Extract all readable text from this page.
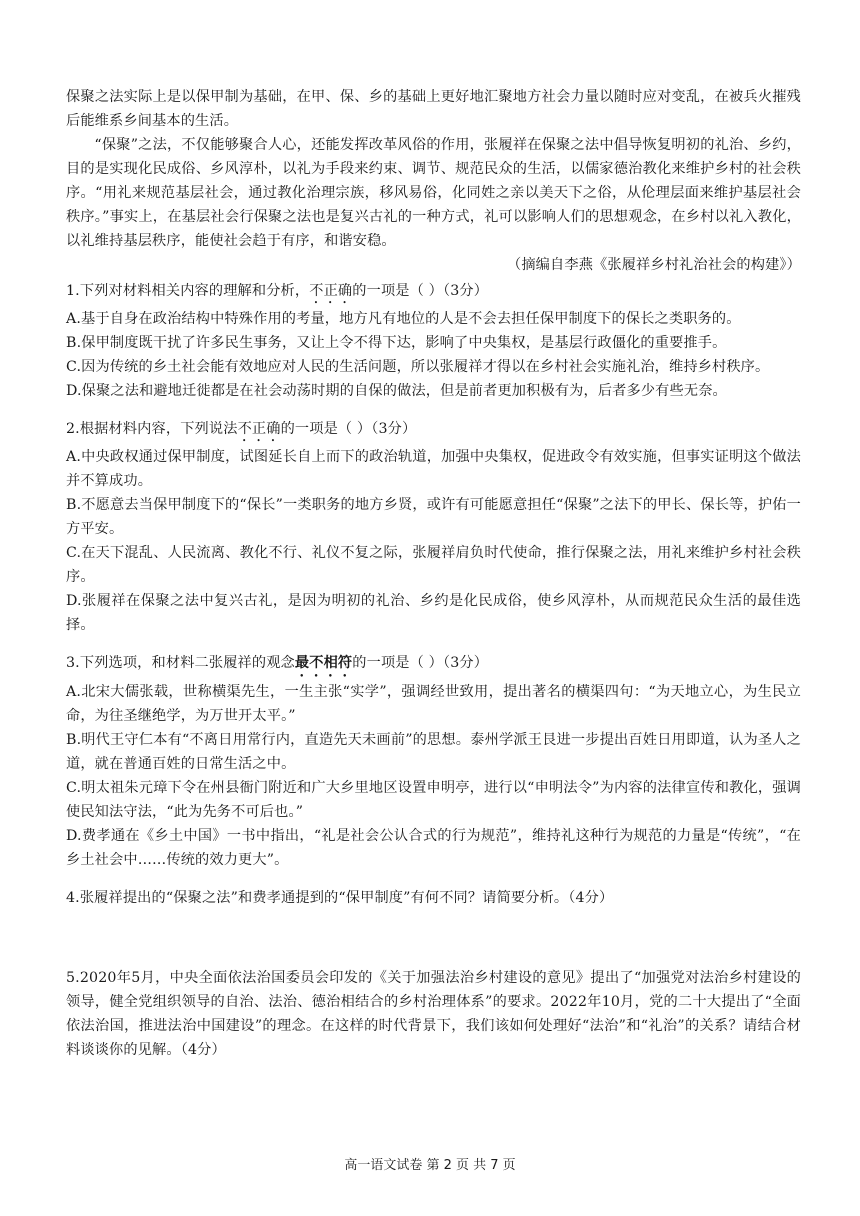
保聚之法实际上是以保甲制为基础，在甲、保、乡的基础上更好地汇聚地方社会力量以随时应对变乱，在被兵火摧残后能维系乡间基本的生活。

“保聚”之法，不仅能够聚合人心，还能发挥改革风俗的作用，张履祥在保聚之法中倡导恢复明初的礼治、乡约，目的是实现化民成俗、乡风淳朴，以礼为手段来约束、调节、规范民众的生活，以儒家德治教化来维护乡村的社会秩序。“用礼来规范基层社会，通过教化治理宗族，移风易俗，化同姓之亲以美天下之俗，从伦理层面来维护基层社会秩序。”事实上，在基层社会行保聚之法也是复兴古礼的一种方式，礼可以影响人们的思想观念，在乡村以礼入教化，以礼维持基层秩序，能使社会趋于有序，和谐安稳。

（摘编自李燕《张履祥乡村礼治社会的构建》）

1.下列对材料相关内容的理解和分析，不正确的一项是（ ）（3分）

A.基于自身在政治结构中特殊作用的考量，地方凡有地位的人是不会去担任保甲制度下的保长之类职务的。

B.保甲制度既干扰了许多民生事务，又让上令不得下达，影响了中央集权，是基层行政僵化的重要推手。

C.因为传统的乡土社会能有效地应对人民的生活问题，所以张履祥才得以在乡村社会实施礼治，维持乡村秩序。

D.保聚之法和避地迁徙都是在社会动荡时期的自保的做法，但是前者更加积极有为，后者多少有些无奈。

2.根据材料内容，下列说法不正确的一项是（ ）（3分）

A.中央政权通过保甲制度，试图延长自上而下的政治轨道，加强中央集权，促进政令有效实施，但事实证明这个做法并不算成功。

B.不愿意去当保甲制度下的“保长”一类职务的地方乡贤，或许有可能愿意担任“保聚”之法下的甲长、保长等，护佑一方平安。

C.在天下混乱、人民流离、教化不行、礼仪不复之际，张履祥肩负时代使命，推行保聚之法，用礼来维护乡村社会秩序。

D.张履祥在保聚之法中复兴古礼，是因为明初的礼治、乡约是化民成俗，使乡风淳朴，从而规范民众生活的最佳选择。

3.下列选项，和材料二张履祥的观念最不相符的一项是（ ）（3分）

A.北宋大儒张载，世称横渠先生，一生主张“实学”，强调经世致用，提出著名的横渠四句：“为天地立心，为生民立命，为往圣继绝学，为万世开太平。”

B.明代王守仁本有“不离日用常行内，直造先天未画前”的思想。泰州学派王艮进一步提出百姓日用即道，认为圣人之道，就在普通百姓的日常生活之中。

C.明太祖朱元璋下令在州县衙门附近和广大乡里地区设置申明亭，进行以“申明法令”为内容的法律宣传和教化，强调使民知法守法，“此为先务不可后也。”

D.费孝通在《乡土中国》一书中指出，“礼是社会公认合式的行为规范”，维持礼这种行为规范的力量是“传统”，“在乡土社会中……传统的效力更大”。

4.张履祥提出的“保聚之法”和费孝通提到的“保甲制度”有何不同？请简要分析。（4分）

5.2020年5月，中央全面依法治国委员会印发的《关于加强法治乡村建设的意见》提出了“加强党对法治乡村建设的领导，健全党组织领导的自治、法治、德治相结合的乡村治理体系”的要求。2022年10月，党的二十大提出了“全面依法治国，推进法治中国建设”的理念。在这样的时代背景下，我们该如何处理好“法治”和“礼治”的关系？请结合材料谈谈你的见解。（4分）

高一语文试卷 第 2 页 共 7 页
